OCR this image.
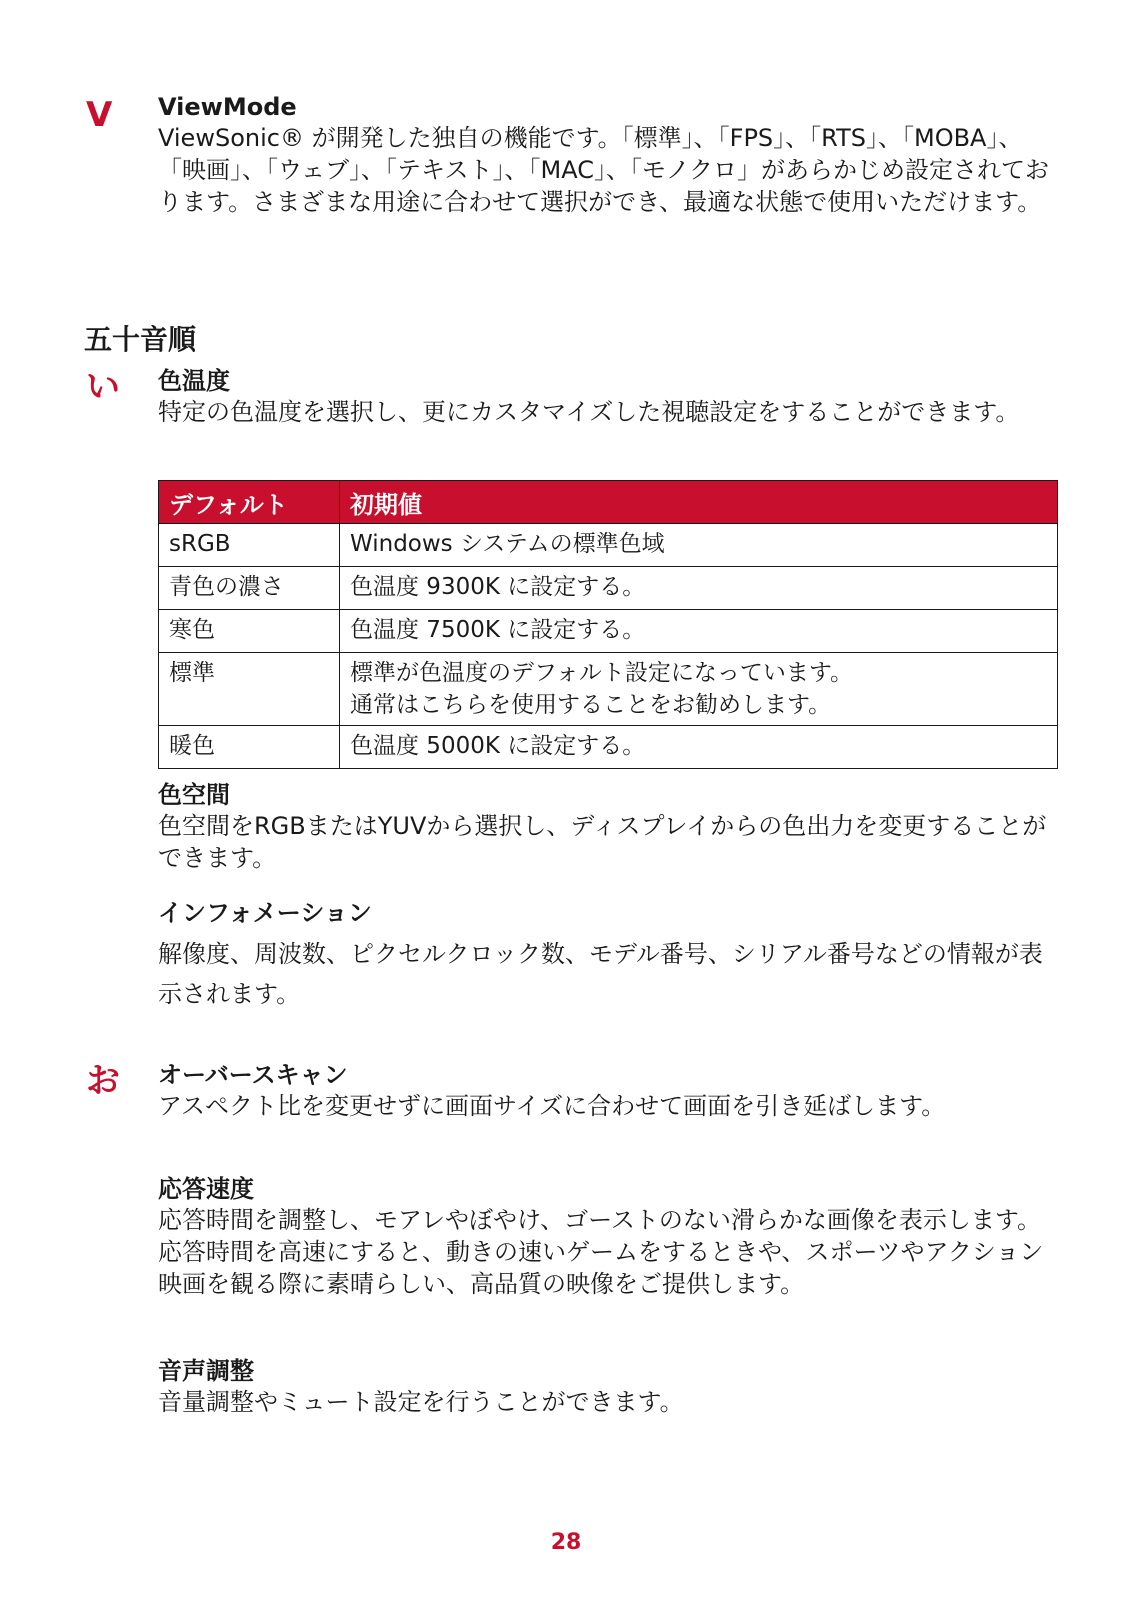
V ViewMode

ViewSonic® が開発した独自の機能です。「標準」、「FPS」、「RTS」、「MOBA」、「映画」、「ウェブ」、「テキスト」、「MAC」、「モノクロ」があらかじめ設定されております。さまざまな用途に合わせて選択ができ、最適な状態で使用いただけます。

五十音順
い 色温度

特定の色温度を選択し、更にカスタマイズした視聴設定をすることができます。

デフォルト	初期値
sRGB	Windows システムの標準色域

青色の濃さ	色温度 9300K に設定する。

寒色	色温度 7500K に設定する。

標準	標準が色温度のデフォルト設定になっています。
通常はこちらを使用することをお勧めします。

暖色	色温度 5000K に設定する。
色空間

色空間をRGBまたはYUVから選択し、ディスプレイからの色出力を変更することができます。

インフォメーション

解像度、周波数、ピクセルクロック数、モデル番号、シリアル番号などの情報が表示されます。

お オーバースキャン

アスペクト比を変更せずに画面サイズに合わせて画面を引き延ばします。

応答速度

応答時間を調整し、モアレやぼやけ、ゴーストのない滑らかな画像を表示します。応答時間を高速にすると、動きの速いゲームをするときや、スポーツやアクション映画を観る際に素晴らしい、高品質の映像をご提供します。

音声調整

音量調整やミュート設定を行うことができます。

28
